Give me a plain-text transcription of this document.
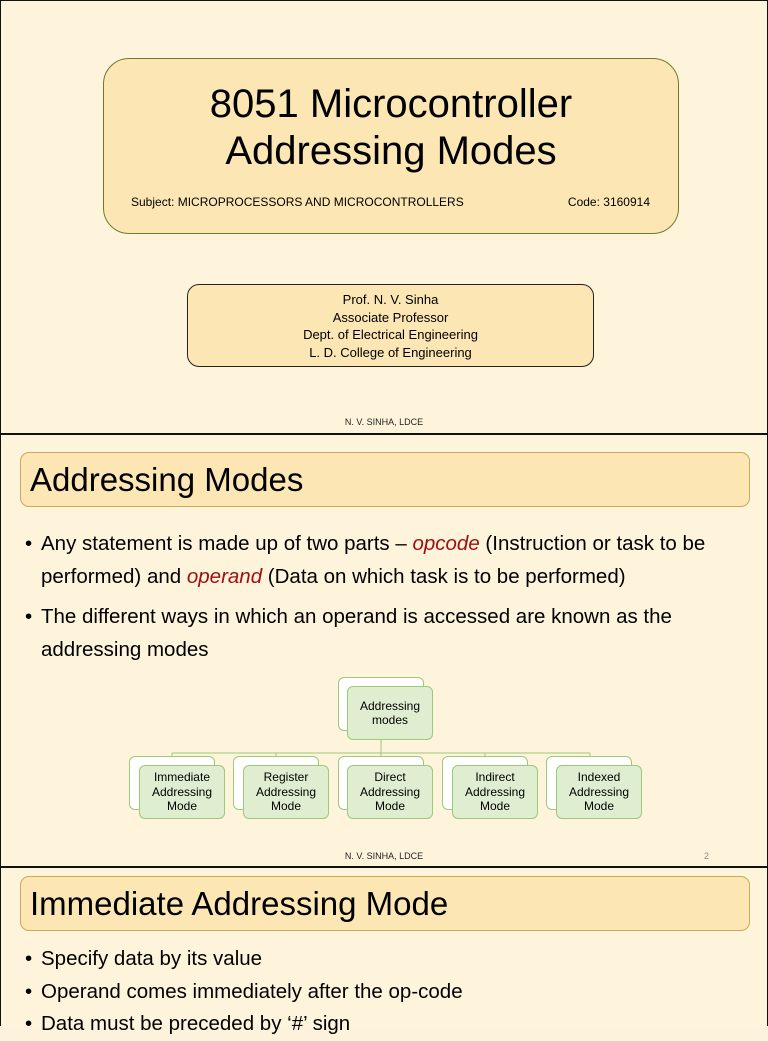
8051 Microcontroller
Addressing Modes
Subject: MICROPROCESSORS AND MICROCONTROLLERS	Code: 3160914
Prof. N. V. Sinha
Associate Professor
Dept. of Electrical Engineering
L. D. College of Engineering
N. V. SINHA, LDCE
Addressing Modes
• Any statement is made up of two parts – opcode (Instruction or task to be performed) and operand (Data on which task is to be performed)
• The different ways in which an operand is accessed are known as the addressing modes
Addressing
modes
Immediate
Addressing
Mode
Register
Addressing
Mode
Direct
Addressing
Mode
Indirect
Addressing
Mode
Indexed
Addressing
Mode
N. V. SINHA, LDCE	2
Immediate Addressing Mode
• Specify data by its value
• Operand comes immediately after the op-code
• Data must be preceded by ‘#’ sign
